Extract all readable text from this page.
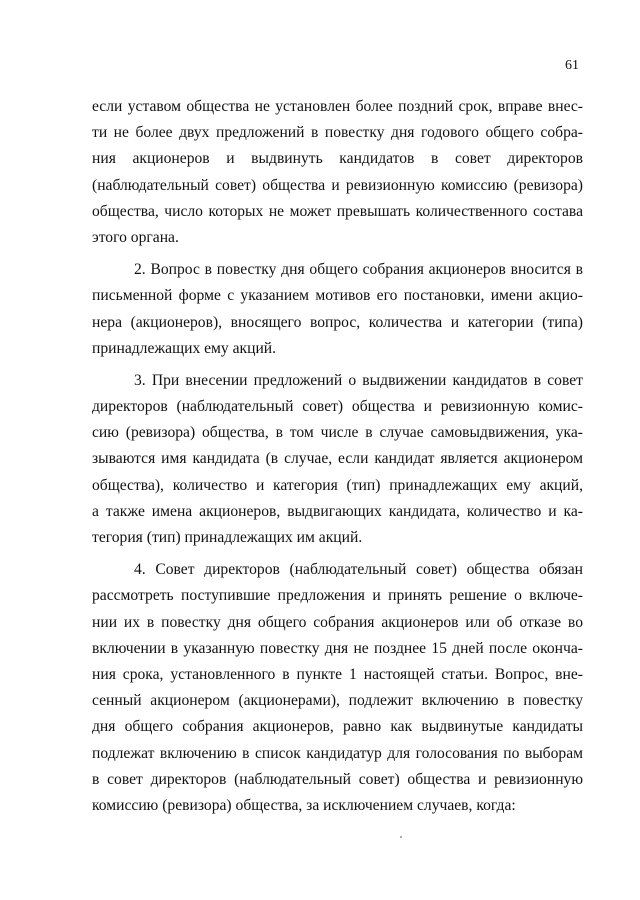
61
если уставом общества не установлен более поздний срок, вправе внес-
ти не более двух предложений в повестку дня годового общего собра-
ния акционеров и выдвинуть кандидатов в совет директоров
(наблюдательный совет) общества и ревизионную комиссию (ревизора)
общества, число которых не может превышать количественного состава
этого органа.
2. Вопрос в повестку дня общего собрания акционеров вносится в
письменной форме с указанием мотивов его постановки, имени акцио-
нера (акционеров), вносящего вопрос, количества и категории (типа)
принадлежащих ему акций.
3. При внесении предложений о выдвижении кандидатов в совет
директоров (наблюдательный совет) общества и ревизионную комис-
сию (ревизора) общества, в том числе в случае самовыдвижения, ука-
зываются имя кандидата (в случае, если кандидат является акционером
общества), количество и категория (тип) принадлежащих ему акций,
а также имена акционеров, выдвигающих кандидата, количество и ка-
тегория (тип) принадлежащих им акций.
4. Совет директоров (наблюдательный совет) общества обязан
рассмотреть поступившие предложения и принять решение о включе-
нии их в повестку дня общего собрания акционеров или об отказе во
включении в указанную повестку дня не позднее 15 дней после оконча-
ния срока, установленного в пункте 1 настоящей статьи. Вопрос, вне-
сенный акционером (акционерами), подлежит включению в повестку
дня общего собрания акционеров, равно как выдвинутые кандидаты
подлежат включению в список кандидатур для голосования по выборам
в совет директоров (наблюдательный совет) общества и ревизионную
комиссию (ревизора) общества, за исключением случаев, когда:
